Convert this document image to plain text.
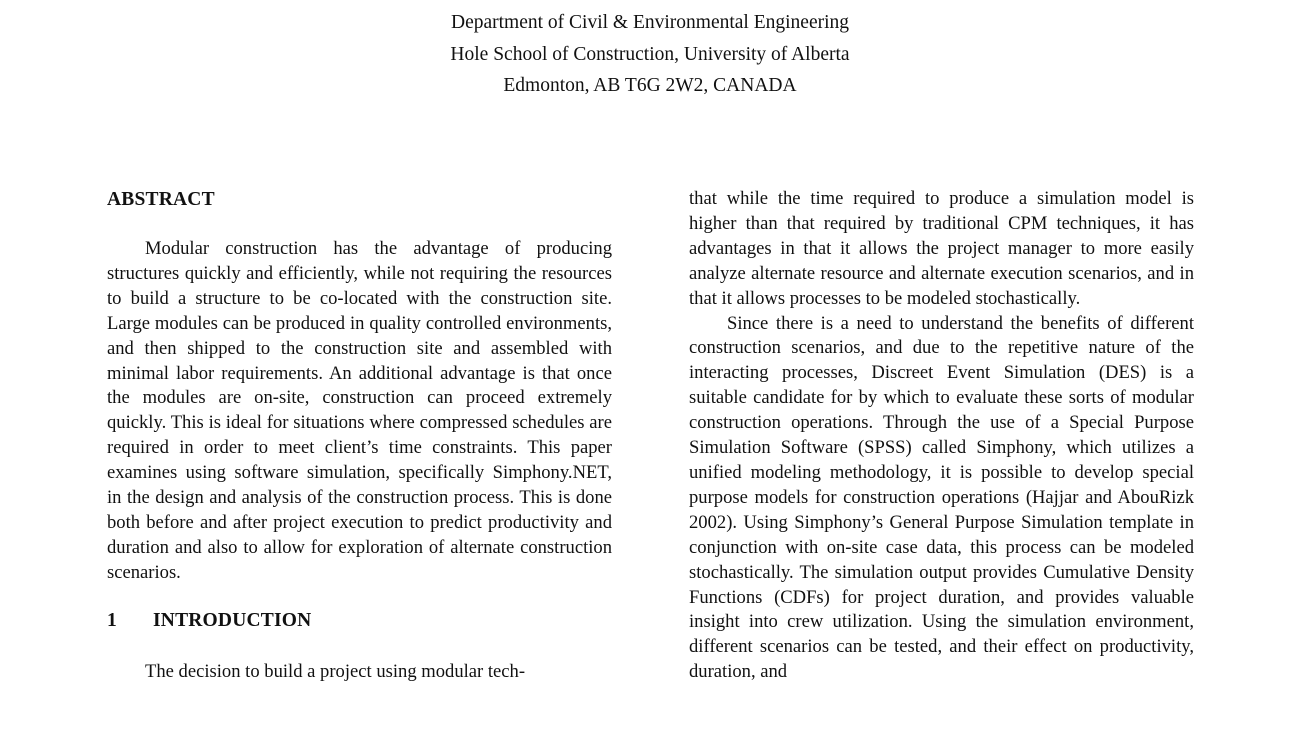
Department of Civil & Environmental Engineering
Hole School of Construction, University of Alberta
Edmonton, AB T6G 2W2, CANADA
ABSTRACT

Modular construction has the advantage of producing structures quickly and efficiently, while not requiring the resources to build a structure to be co-located with the construction site. Large modules can be produced in quality controlled environments, and then shipped to the construction site and assembled with minimal labor requirements. An additional advantage is that once the modules are on-site, construction can proceed extremely quickly. This is ideal for situations where compressed schedules are required in order to meet client’s time constraints. This paper examines using software simulation, specifically Simphony.NET, in the design and analysis of the construction process. This is done both before and after project execution to predict productivity and duration and also to allow for exploration of alternate construction scenarios.

1 INTRODUCTION

The decision to build a project using modular tech-

that while the time required to produce a simulation model is higher than that required by traditional CPM techniques, it has advantages in that it allows the project manager to more easily analyze alternate resource and alternate execution scenarios, and in that it allows processes to be modeled stochastically.

Since there is a need to understand the benefits of different construction scenarios, and due to the repetitive nature of the interacting processes, Discreet Event Simulation (DES) is a suitable candidate for by which to evaluate these sorts of modular construction operations. Through the use of a Special Purpose Simulation Software (SPSS) called Simphony, which utilizes a unified modeling methodology, it is possible to develop special purpose models for construction operations (Hajjar and AbouRizk 2002). Using Simphony’s General Purpose Simulation template in conjunction with on-site case data, this process can be modeled stochastically. The simulation output provides Cumulative Density Functions (CDFs) for project duration, and provides valuable insight into crew utilization. Using the simulation environment, different scenarios can be tested, and their effect on productivity, duration, and
